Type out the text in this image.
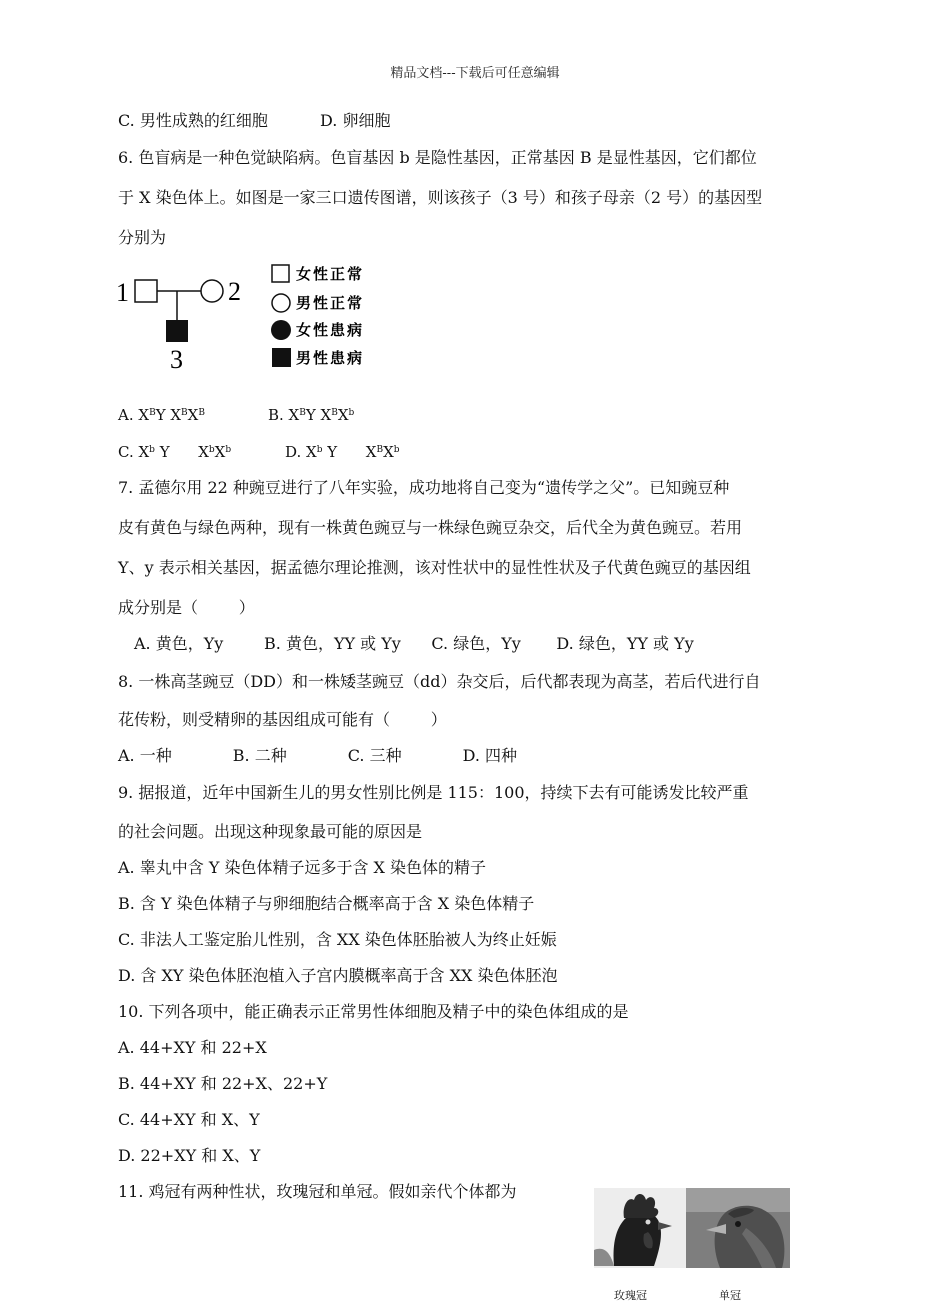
精品文档---下载后可任意编辑
C. 男性成熟的红细胞	D. 卵细胞
6. 色盲病是一种色觉缺陷病。色盲基因 b 是隐性基因，正常基因 B 是显性基因，它们都位
于 X 染色体上。如图是一家三口遗传图谱，则该孩子（3 号）和孩子母亲（2 号）的基因型
分别为
1	2
3
女性正常
男性正常
女性患病
男性患病
A. $X^BY$ $X^BX^B$	B. $X^BY$ $X^BX^b$
C. $X^b$ Y      $X^bX^b$	D. $X^b$ Y      $X^BX^b$
7. 孟德尔用 22 种豌豆进行了八年实验，成功地将自己变为“遗传学之父”。已知豌豆种
皮有黄色与绿色两种，现有一株黄色豌豆与一株绿色豌豆杂交，后代全为黄色豌豆。若用
Y、y 表示相关基因，据孟德尔理论推测，该对性状中的显性性状及子代黄色豌豆的基因组
成分别是（        ）
A. 黄色，Yy        B. 黄色，YY 或 Yy      C. 绿色，Yy       D. 绿色，YY 或 Yy
8. 一株高茎豌豆（DD）和一株矮茎豌豆（dd）杂交后，后代都表现为高茎，若后代进行自
花传粉，则受精卵的基因组成可能有（        ）
A. 一种            B. 二种            C. 三种            D. 四种
9. 据报道，近年中国新生儿的男女性别比例是 115：100，持续下去有可能诱发比较严重
的社会问题。出现这种现象最可能的原因是
A. 睾丸中含 Y 染色体精子远多于含 X 染色体的精子
B. 含 Y 染色体精子与卵细胞结合概率高于含 X 染色体精子
C. 非法人工鉴定胎儿性别，含 XX 染色体胚胎被人为终止妊娠
D. 含 XY 染色体胚泡植入子宫内膜概率高于含 XX 染色体胚泡
10. 下列各项中，能正确表示正常男性体细胞及精子中的染色体组成的是
A. 44+XY 和 22+X
B. 44+XY 和 22+X、22+Y
C. 44+XY 和 X、Y
D. 22+XY 和 X、Y
11. 鸡冠有两种性状，玫瑰冠和单冠。假如亲代个体都为
玫瑰冠	单冠
